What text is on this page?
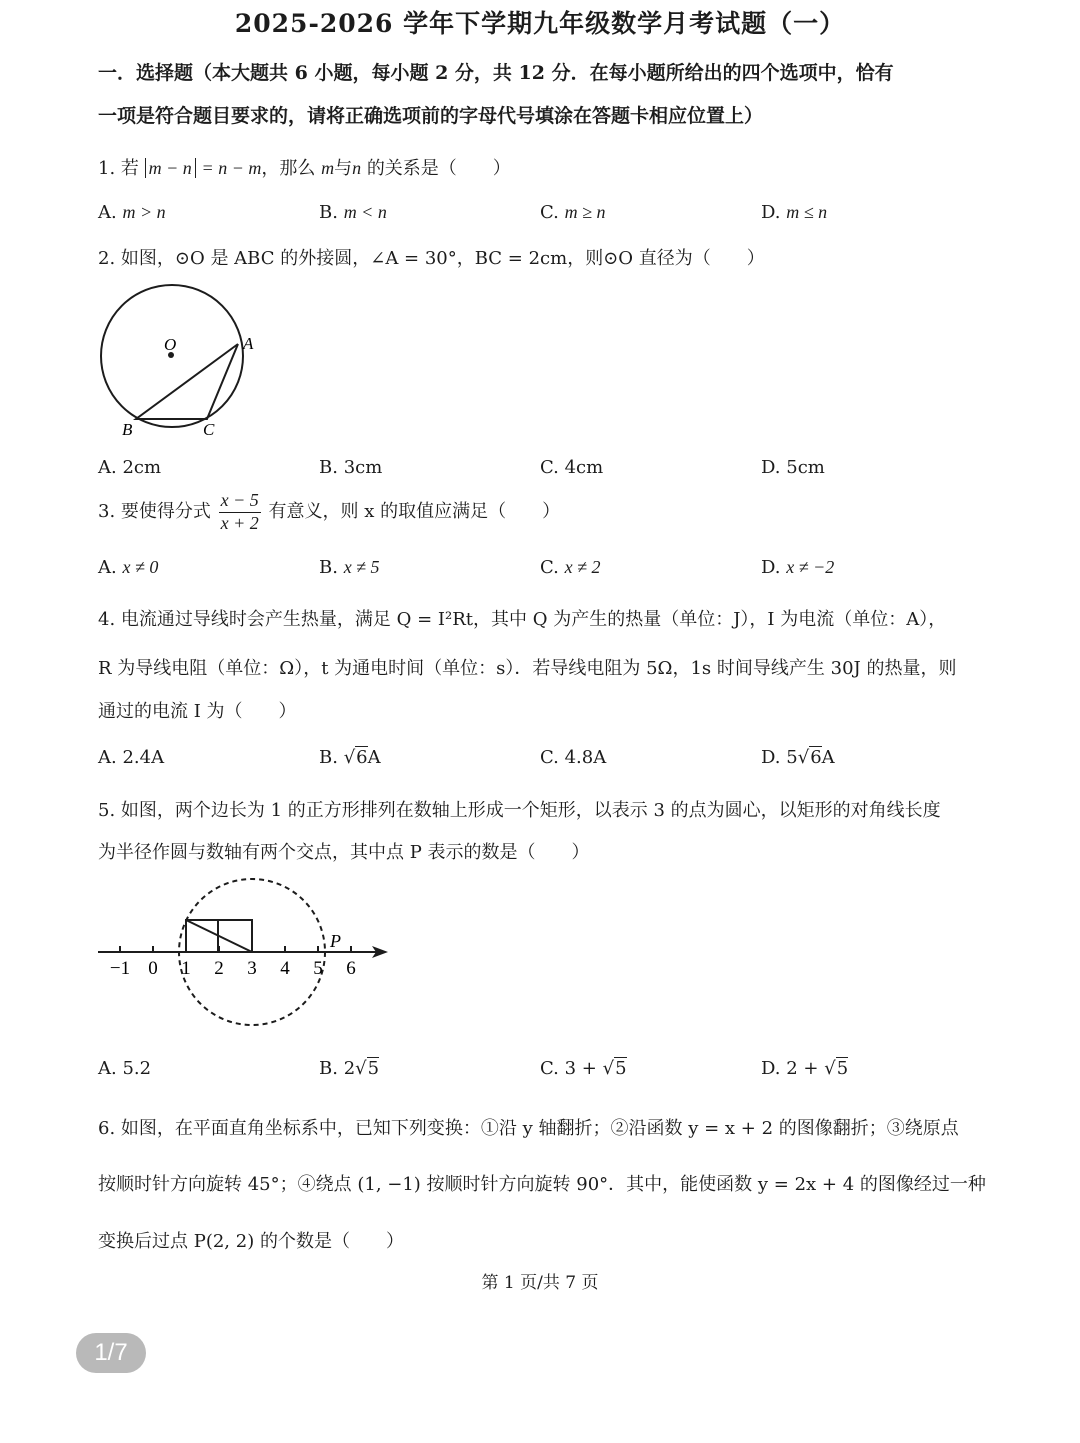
2025-2026 学年下学期九年级数学月考试题（一）
一．选择题（本大题共 6 小题，每小题 2 分，共 12 分．在每小题所给出的四个选项中，恰有
一项是符合题目要求的，请将正确选项前的字母代号填涂在答题卡相应位置上）
1. 若 m − n = n − m，那么 m与n 的关系是（　　）
A. m > n	B. m < n	C. m ≥ n	D. m ≤ n
2. 如图，⊙O 是 ABC 的外接圆，∠A = 30°，BC = 2cm，则⊙O 直径为（　　）
O	A
B	C
A. 2cm	B. 3cm	C. 4cm	D. 5cm
3. 要使得分式 $\frac{x - 5}{x + 2}$ 有意义，则 x 的取值应满足（　　）
A. x ≠ 0	B. x ≠ 5	C. x ≠ 2	D. x ≠ −2
4. 电流通过导线时会产生热量，满足 Q = I²Rt，其中 Q 为产生的热量（单位：J），I 为电流（单位：A），
R 为导线电阻（单位：Ω），t 为通电时间（单位：s）．若导线电阻为 5Ω，1s 时间导线产生 30J 的热量，则
通过的电流 I 为（　　）
A. 2.4A	B. √6A	C. 4.8A	D. 5√6A
5. 如图，两个边长为 1 的正方形排列在数轴上形成一个矩形，以表示 3 的点为圆心，以矩形的对角线长度
为半径作圆与数轴有两个交点，其中点 P 表示的数是（　　）
−1 0 1 2 3 4 5 6
P
A. 5.2	B. 2√5	C. 3 + √5	D. 2 + √5
6. 如图，在平面直角坐标系中，已知下列变换：①沿 y 轴翻折；②沿函数 y = x + 2 的图像翻折；③绕原点
按顺时针方向旋转 45°；④绕点 (1, −1) 按顺时针方向旋转 90°．其中，能使函数 y = 2x + 4 的图像经过一种
变换后过点 P(2, 2) 的个数是（　　）
第 1 页/共 7 页
1/7
